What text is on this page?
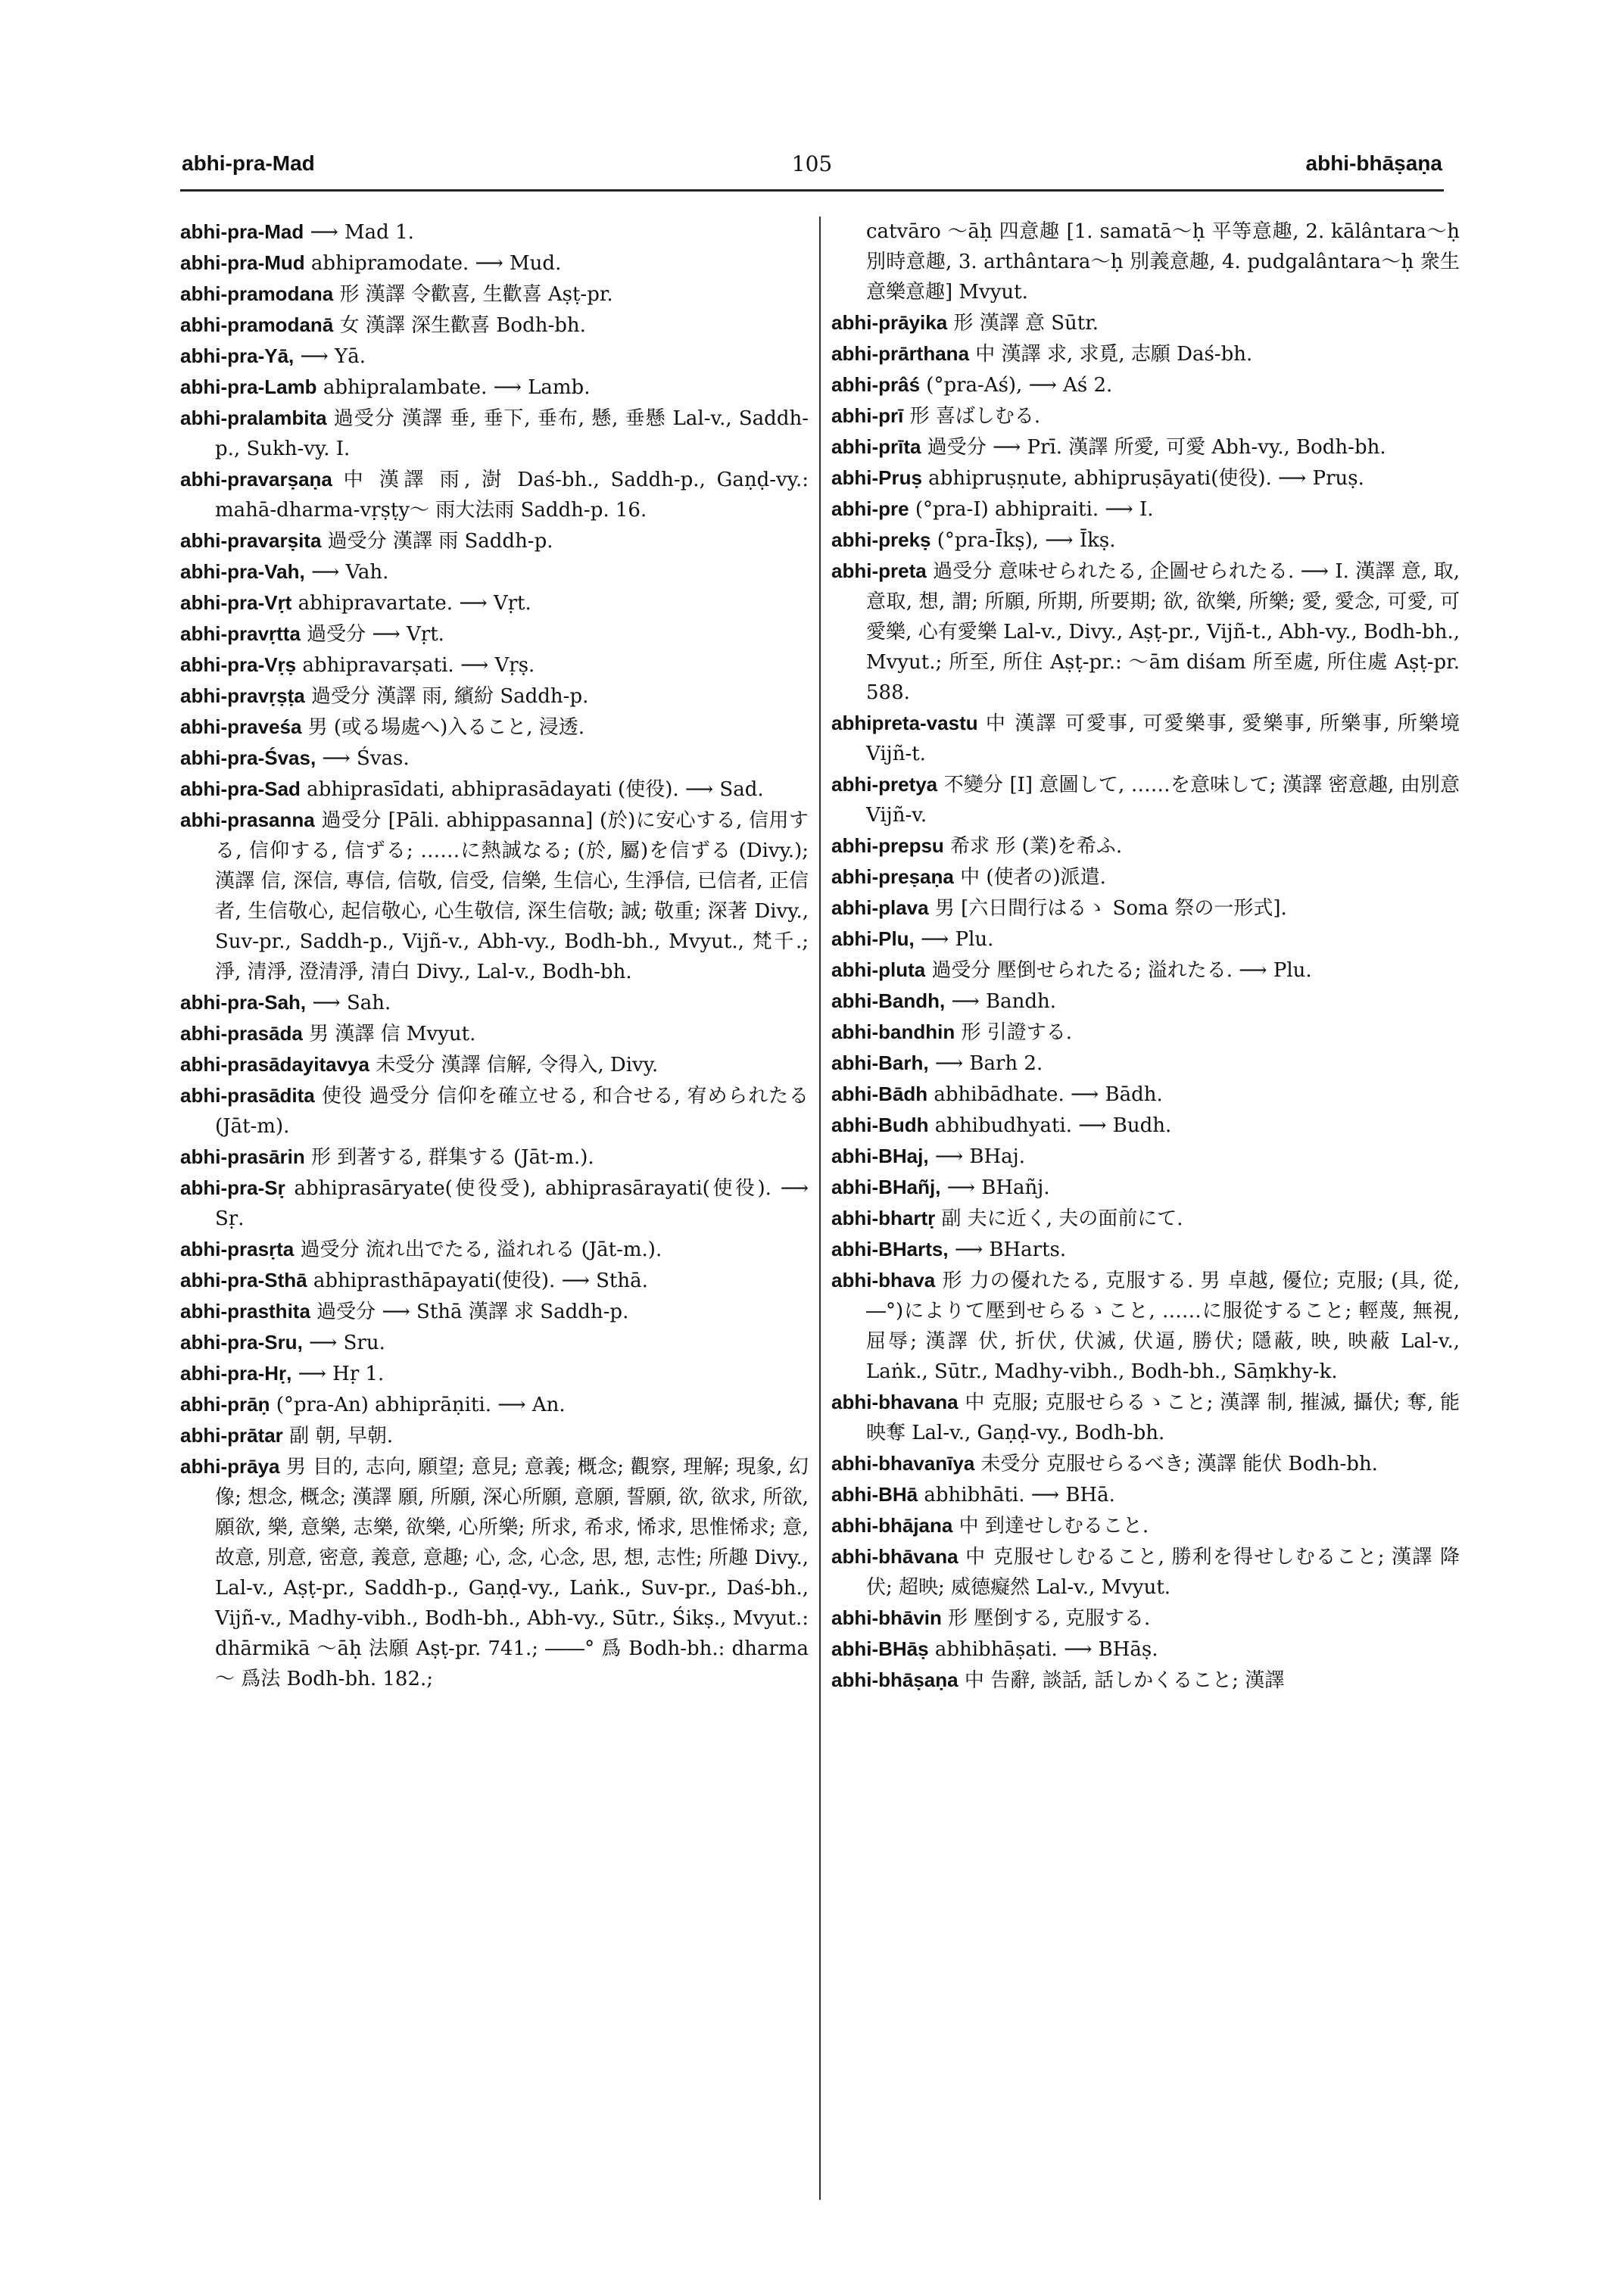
abhi-pra-Mad	105	abhi-bhāṣaṇa

abhi-pra-Mad ⟶ Mad 1.

abhi-pra-Mud abhipramodate. ⟶ Mud.

abhi-pramodana 形 漢譯 令歡喜, 生歡喜 Aṣṭ-pr.

abhi-pramodanā 女 漢譯 深生歡喜 Bodh-bh.

abhi-pra-Yā, ⟶ Yā.

abhi-pra-Lamb abhipralambate. ⟶ Lamb.

abhi-pralambita 過受分 漢譯 垂, 垂下, 垂布, 懸, 垂懸 Lal-v., Saddh-p., Sukh-vy. I.

abhi-pravarṣaṇa 中 漢譯 雨, 澍 Daś-bh., Saddh-p., Gaṇḍ-vy.: mahā-dharma-vṛṣṭy～ 雨大法雨 Saddh-p. 16.

abhi-pravarṣita 過受分 漢譯 雨 Saddh-p.

abhi-pra-Vah, ⟶ Vah.

abhi-pra-Vṛt abhipravartate. ⟶ Vṛt.

abhi-pravṛtta 過受分 ⟶ Vṛt.

abhi-pra-Vṛṣ abhipravarṣati. ⟶ Vṛṣ.

abhi-pravṛṣṭa 過受分 漢譯 雨, 繽紛 Saddh-p.

abhi-praveśa 男 (或る場處へ)入ること, 浸透.

abhi-pra-Śvas, ⟶ Śvas.

abhi-pra-Sad abhiprasīdati, abhiprasādayati (使役). ⟶ Sad.

abhi-prasanna 過受分 [Pāli. abhippasanna] (於)に安心する, 信用する, 信仰する, 信ずる; ……に熱誠なる; (於, 屬)を信ずる (Divy.); 漢譯 信, 深信, 專信, 信敬, 信受, 信樂, 生信心, 生淨信, 已信者, 正信者, 生信敬心, 起信敬心, 心生敬信, 深生信敬; 誠; 敬重; 深著 Divy., Suv-pr., Saddh-p., Vijñ-v., Abh-vy., Bodh-bh., Mvyut., 梵千.; 淨, 清淨, 澄清淨, 清白 Divy., Lal-v., Bodh-bh.

abhi-pra-Sah, ⟶ Sah.

abhi-prasāda 男 漢譯 信 Mvyut.

abhi-prasādayitavya 未受分 漢譯 信解, 令得入, Divy.

abhi-prasādita 使役 過受分 信仰を確立せる, 和合せる, 宥められたる (Jāt-m).

abhi-prasārin 形 到著する, 群集する (Jāt-m.).

abhi-pra-Sṛ abhiprasāryate(使役受), abhiprasārayati(使役). ⟶ Sṛ.

abhi-prasṛta 過受分 流れ出でたる, 溢れれる (Jāt-m.).

abhi-pra-Sthā abhiprasthāpayati(使役). ⟶ Sthā.

abhi-prasthita 過受分 ⟶ Sthā 漢譯 求 Saddh-p.

abhi-pra-Sru, ⟶ Sru.

abhi-pra-Hṛ, ⟶ Hṛ 1.

abhi-prāṇ (°pra-An) abhiprāṇiti. ⟶ An.

abhi-prātar 副 朝, 早朝.

abhi-prāya 男 目的, 志向, 願望; 意見; 意義; 概念; 觀察, 理解; 現象, 幻像; 想念, 概念; 漢譯 願, 所願, 深心所願, 意願, 誓願, 欲, 欲求, 所欲, 願欲, 樂, 意樂, 志樂, 欲樂, 心所樂; 所求, 希求, 悕求, 思惟悕求; 意, 故意, 別意, 密意, 義意, 意趣; 心, 念, 心念, 思, 想, 志性; 所趣 Divy., Lal-v., Aṣṭ-pr., Saddh-p., Gaṇḍ-vy., Laṅk., Suv-pr., Daś-bh., Vijñ-v., Madhy-vibh., Bodh-bh., Abh-vy., Sūtr., Śikṣ., Mvyut.: dhārmikā ～āḥ 法願 Aṣṭ-pr. 741.; ――° 爲 Bodh-bh.: dharma～ 爲法 Bodh-bh. 182.;

catvāro ～āḥ 四意趣 [1. samatā～ḥ 平等意趣, 2. kālântara～ḥ 別時意趣, 3. arthântara～ḥ 別義意趣, 4. pudgalântara～ḥ 衆生意樂意趣] Mvyut.

abhi-prāyika 形 漢譯 意 Sūtr.

abhi-prārthana 中 漢譯 求, 求覓, 志願 Daś-bh.

abhi-prâś (°pra-Aś), ⟶ Aś 2.

abhi-prī 形 喜ばしむる.

abhi-prīta 過受分 ⟶ Prī. 漢譯 所愛, 可愛 Abh-vy., Bodh-bh.

abhi-Pruṣ abhipruṣṇute, abhipruṣāyati(使役). ⟶ Pruṣ.

abhi-pre (°pra-I) abhipraiti. ⟶ I.

abhi-prekṣ (°pra-Īkṣ), ⟶ Īkṣ.

abhi-preta 過受分 意味せられたる, 企圖せられたる. ⟶ I. 漢譯 意, 取, 意取, 想, 謂; 所願, 所期, 所要期; 欲, 欲樂, 所樂; 愛, 愛念, 可愛, 可愛樂, 心有愛樂 Lal-v., Divy., Aṣṭ-pr., Vijñ-t., Abh-vy., Bodh-bh., Mvyut.; 所至, 所住 Aṣṭ-pr.: ～ām diśam 所至處, 所住處 Aṣṭ-pr. 588.

abhipreta-vastu 中 漢譯 可愛事, 可愛樂事, 愛樂事, 所樂事, 所樂境 Vijñ-t.

abhi-pretya 不變分 [I] 意圖して, ……を意味して; 漢譯 密意趣, 由別意 Vijñ-v.

abhi-prepsu 希求 形 (業)を希ふ.

abhi-preṣaṇa 中 (使者の)派遣.

abhi-plava 男 [六日間行はるゝ Soma 祭の一形式].

abhi-Plu, ⟶ Plu.

abhi-pluta 過受分 壓倒せられたる; 溢れたる. ⟶ Plu.

abhi-Bandh, ⟶ Bandh.

abhi-bandhin 形 引證する.

abhi-Barh, ⟶ Barh 2.

abhi-Bādh abhibādhate. ⟶ Bādh.

abhi-Budh abhibudhyati. ⟶ Budh.

abhi-BHaj, ⟶ BHaj.

abhi-BHañj, ⟶ BHañj.

abhi-bhartṛ 副 夫に近く, 夫の面前にて.

abhi-BHarts, ⟶ BHarts.

abhi-bhava 形 力の優れたる, 克服する. 男 卓越, 優位; 克服; (具, 從, ―°)によりて壓到せらるゝこと, ……に服從すること; 輕蔑, 無視, 屈辱; 漢譯 伏, 折伏, 伏滅, 伏逼, 勝伏; 隱蔽, 映, 映蔽 Lal-v., Laṅk., Sūtr., Madhy-vibh., Bodh-bh., Sāṃkhy-k.

abhi-bhavana 中 克服; 克服せらるゝこと; 漢譯 制, 摧滅, 攝伏; 奪, 能映奪 Lal-v., Gaṇḍ-vy., Bodh-bh.

abhi-bhavanīya 未受分 克服せらるべき; 漢譯 能伏 Bodh-bh.

abhi-BHā abhibhāti. ⟶ BHā.

abhi-bhājana 中 到達せしむること.

abhi-bhāvana 中 克服せしむること, 勝利を得せしむること; 漢譯 降伏; 超映; 威德癡然 Lal-v., Mvyut.

abhi-bhāvin 形 壓倒する, 克服する.

abhi-BHāṣ abhibhāṣati. ⟶ BHāṣ.

abhi-bhāṣaṇa 中 告辭, 談話, 話しかくること; 漢譯
